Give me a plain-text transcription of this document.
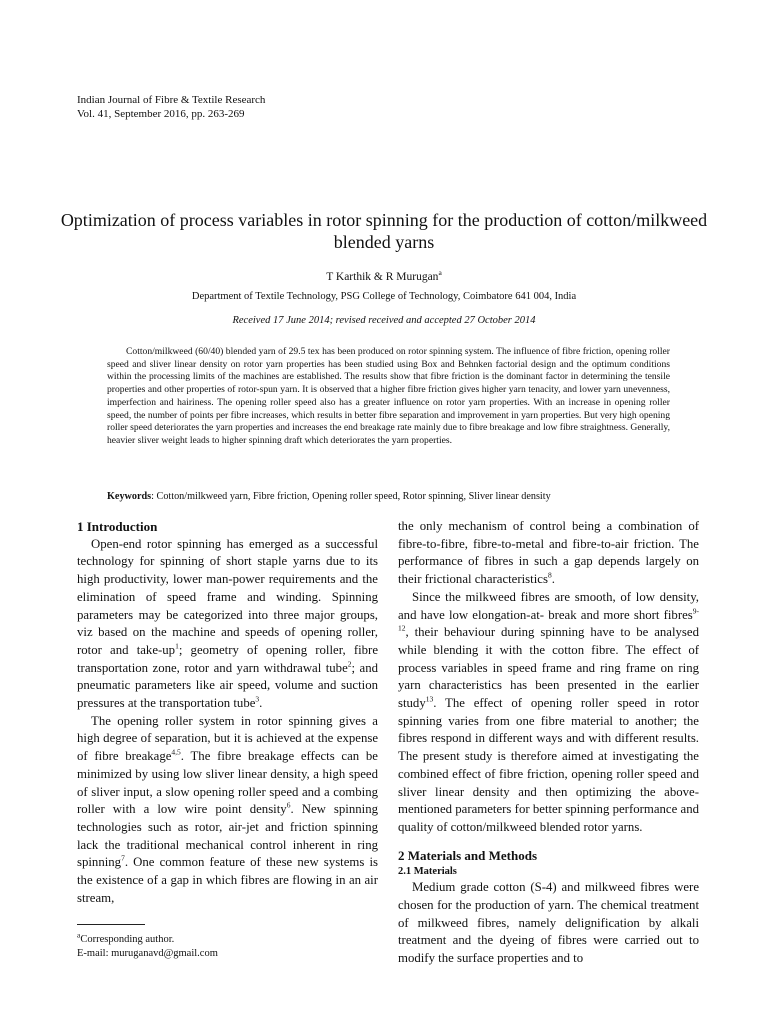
Indian Journal of Fibre & Textile Research
Vol. 41, September 2016, pp. 263-269
Optimization of process variables in rotor spinning for the production of cotton/milkweed blended yarns
T Karthik & R Murugan$^a$
Department of Textile Technology, PSG College of Technology, Coimbatore 641 004, India
Received 17 June 2014; revised received and accepted 27 October 2014
Cotton/milkweed (60/40) blended yarn of 29.5 tex has been produced on rotor spinning system. The influence of fibre friction, opening roller speed and sliver linear density on rotor yarn properties has been studied using Box and Behnken factorial design and the optimum conditions within the processing limits of the machines are established. The results show that fibre friction is the dominant factor in determining the tensile properties and other properties of rotor-spun yarn. It is observed that a higher fibre friction gives higher yarn tenacity, and lower yarn unevenness, imperfection and hairiness. The opening roller speed also has a greater influence on rotor yarn properties. With an increase in opening roller speed, the number of points per fibre increases, which results in better fibre separation and improvement in yarn properties. But very high opening roller speed deteriorates the yarn properties and increases the end breakage rate mainly due to fibre breakage and low fibre straightness. Generally, heavier sliver weight leads to higher spinning draft which deteriorates the yarn properties.
Keywords: Cotton/milkweed yarn, Fibre friction, Opening roller speed, Rotor spinning, Sliver linear density

1 Introduction

Open-end rotor spinning has emerged as a successful technology for spinning of short staple yarns due to its high productivity, lower man-power requirements and the elimination of speed frame and winding. Spinning parameters may be categorized into three major groups, viz based on the machine and speeds of opening roller, rotor and take-$up^1$; geometry of opening roller, fibre transportation zone, rotor and yarn withdrawal tube$^2$; and pneumatic parameters like air speed, volume and suction pressures at the transportation tube$^3$.

The opening roller system in rotor spinning gives a high degree of separation, but it is achieved at the expense of fibre breakage$^{4,5}$. The fibre breakage effects can be minimized by using low sliver linear density, a high speed of sliver input, a slow opening roller speed and a combing roller with a low wire point density$^6$. New spinning technologies such as rotor, air-jet and friction spinning lack the traditional mechanical control inherent in ring spinning$^7$. One common feature of these new systems is the existence of a gap in which fibres are flowing in an air stream,

the only mechanism of control being a combination of fibre-to-fibre, fibre-to-metal and fibre-to-air friction. The performance of fibres in such a gap depends largely on their frictional characteristics$^8$.

Since the milkweed fibres are smooth, of low density, and have low elongation-at- break and more short fibres$^{9-12}$, their behaviour during spinning have to be analysed while blending it with the cotton fibre. The effect of process variables in speed frame and ring frame on ring yarn characteristics has been presented in the earlier study$^{13}$. The effect of opening roller speed in rotor spinning varies from one fibre material to another; the fibres respond in different ways and with different results. The present study is therefore aimed at investigating the combined effect of fibre friction, opening roller speed and sliver linear density and then optimizing the above-mentioned parameters for better spinning performance and quality of cotton/milkweed blended rotor yarns.

2 Materials and Methods

2.1 Materials

Medium grade cotton (S-4) and milkweed fibres were chosen for the production of yarn. The chemical treatment of milkweed fibres, namely delignification by alkali treatment and the dyeing of fibres were carried out to modify the surface properties and to

$^a$Corresponding author.
E-mail: muruganavd@gmail.com
